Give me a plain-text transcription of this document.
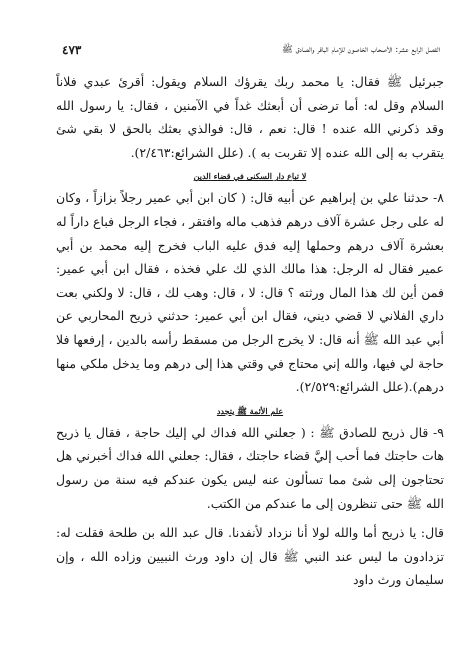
الفصل الرابع عشر: الأصحاب الخاصون للإمام الباقر والصادق ﷺ
٤٧٣

جبرئيل ﷺ فقال: يا محمد ربك يقرؤك السلام ويقول: أقرئ عبدي فلاناً السلام وقل له: أما ترضى أن أبعثك غداً في الآمنين ، فقال: يا رسول الله وقد ذكرني الله عنده ! قال: نعم ، قال: فوالذي بعثك بالحق لا بقي شئ يتقرب به إلى الله عنده إلا تقربت به ). (علل الشرائع:٢/٤٦٣).

لا تباع دار السكنى في قضاء الدين

٨- حدثنا علي بن إبراهيم عن أبيه قال: ( كان ابن أبي عمير رجلاً بزازاً ، وكان له على رجل عشرة آلاف درهم فذهب ماله وافتقر ، فجاء الرجل فباع داراً له بعشرة آلاف درهم وحملها إليه فدق عليه الباب فخرج إليه محمد بن أبي عمير فقال له الرجل: هذا مالك الذي لك علي فخذه ، فقال ابن أبي عمير: فمن أين لك هذا المال ورثته ؟ قال: لا ، قال: وهب لك ، قال: لا ولكني بعت داري الفلاني لا قضي ديني، فقال ابن أبي عمير: حدثني ذريح المحاربي عن أبي عبد الله ﷺ أنه قال: لا يخرج الرجل من مسقط رأسه بالدين ، إرفعها فلا حاجة لي فيها، والله إني محتاج في وقتي هذا إلى درهم وما يدخل ملكي منها درهم).(علل الشرائع:٢/٥٢٩).

علم الأئمة ﷺ يتجدد

٩- قال ذريح للصادق ﷺ : ( جعلني الله فداك لي إليك حاجة ، فقال يا ذريح هات حاجتك فما أحب إليَّ قضاء حاجتك ، فقال: جعلني الله فداك أخبرني هل تحتاجون إلى شئ مما تسألون عنه ليس يكون عندكم فيه سنة من رسول الله ﷺ حتى تنظرون إلى ما عندكم من الكتب.

قال: يا ذريح أما والله لولا أنا نزداد لأنفدنا. قال عبد الله بن طلحة فقلت له: تزدادون ما ليس عند النبي ﷺ قال إن داود ورث النبيين وزاده الله ، وإن سليمان ورث داود
